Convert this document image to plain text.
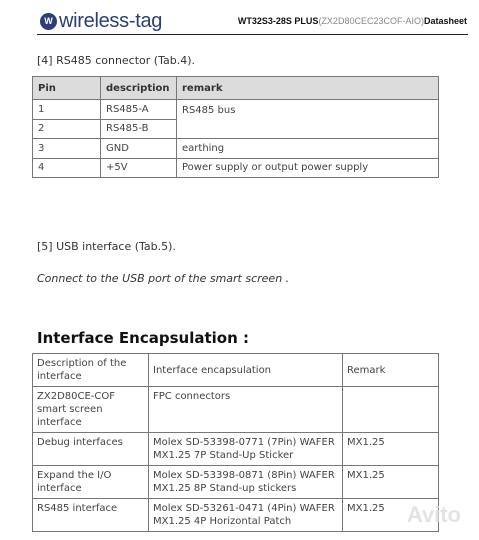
W wireless-tag	WT32S3-28S PLUS(ZX2D80CEC23COF-AIO)Datasheet
[4] RS485 connector (Tab.4).
Pin	description	remark
1	RS485-A	RS485 bus
2	RS485-B	
3	GND	earthing
4	+5V	Power supply or output power supply
[5] USB interface (Tab.5).
Connect to the USB port of the smart screen .
Interface Encapsulation :
Description of the interface	Interface encapsulation	Remark
ZX2D80CE-COF smart screen interface	FPC connectors	
Debug interfaces	Molex SD-53398-0771 (7Pin) WAFER MX1.25 7P Stand-Up Sticker	MX1.25
Expand the I/O interface	Molex SD-53398-0871 (8Pin) WAFER MX1.25 8P Stand-up stickers	MX1.25
RS485 interface	Molex SD-53261-0471 (4Pin) WAFER MX1.25 4P Horizontal Patch	MX1.25 Avito
